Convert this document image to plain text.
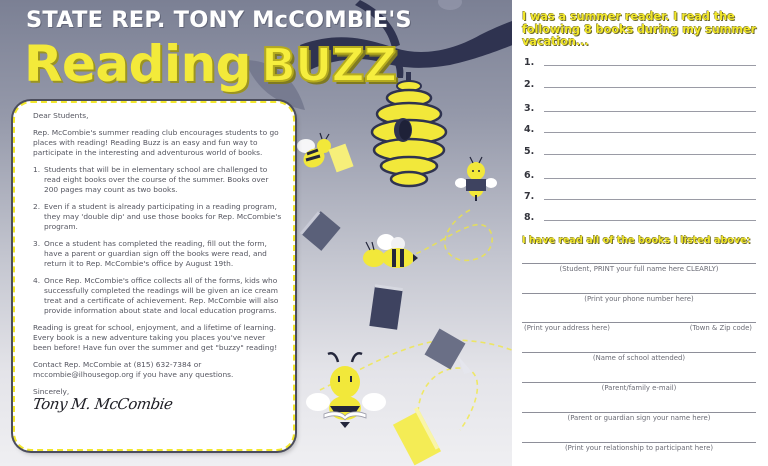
STATE REP. TONY McCOMBIE'S
Reading BUZZ

Dear Students,

Rep. McCombie's summer reading club encourages students to go places with reading! Reading Buzz is an easy and fun way to participate in the interesting and adventurous world of books.

1. Students that will be in elementary school are challenged to read eight books over the course of the summer. Books over 200 pages may count as two books.
2. Even if a student is already participating in a reading program, they may 'double dip' and use those books for Rep. McCombie's program.
3. Once a student has completed the reading, fill out the form, have a parent or guardian sign off the books were read, and return it to Rep. McCombie's office by August 19th.
4. Once Rep. McCombie's office collects all of the forms, kids who successfully completed the readings will be given an ice cream treat and a certificate of achievement. Rep. McCombie will also provide information about state and local education programs.

Reading is great for school, enjoyment, and a lifetime of learning. Every book is a new adventure taking you places you've never been before! Have fun over the summer and get "buzzy" reading!

Contact Rep. McCombie at (815) 632-7384 or mccombie@ilhousegop.org if you have any questions.

Sincerely,

Tony M. McCombie
I was a summer reader. I read the following 8 books during my summer vacation...
1.
2.
3.
4.
5.
6.
7.
8.
I have read all of the books I listed above:
(Student, PRINT your full name here CLEARLY)
(Print your phone number here)
(Print your address here)	(Town & Zip code)
(Name of school attended)
(Parent/family e-mail)
(Parent or guardian sign your name here)
(Print your relationship to participant here)
